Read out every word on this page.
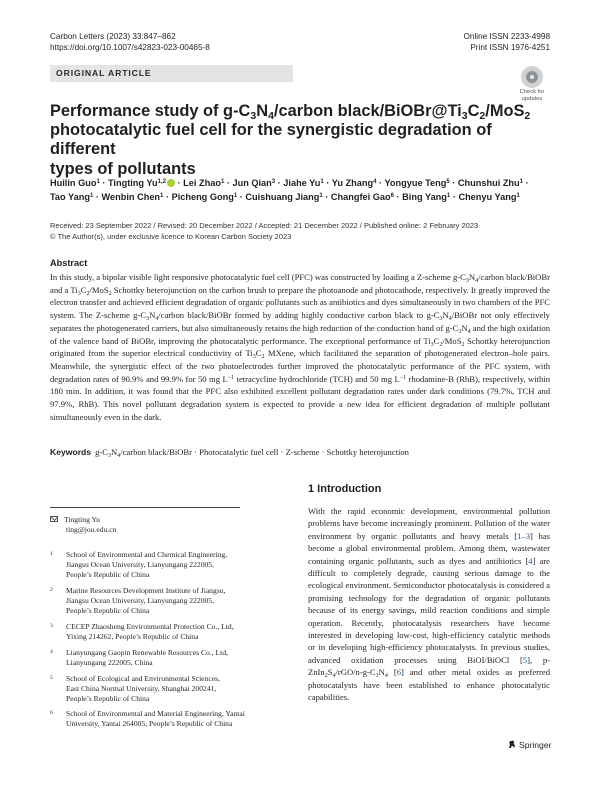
Carbon Letters (2023) 33:847–862
https://doi.org/10.1007/s42823-023-00465-8
Online ISSN 2233-4998
Print ISSN 1976-4251
ORIGINAL ARTICLE
Check for
updates
Performance study of $g-C_3N_4$/carbon black/$BiOBr@Ti_3C_2/MoS_2$
photocatalytic fuel cell for the synergistic degradation of different
types of pollutants
Huilin Guo$^1$ · Tingting Yu$^{1,2}$ · Lei Zhao$^1$ · Jun Qian$^3$ · Jiahe $Yu^1 \cdot Yu$ Zhang$^4$ · Yongyue Teng$^5$ · Chunshui Zhu$^1$ ·
Tao Yang$^1$ · Wenbin Chen$^1$ · Picheng Gong$^1$ · Cuishuang Jiang$^1$ · Changfei Gao$^6$ · Bing Yang$^1$ · Chenyu Yang$^1$
Received: 23 September 2022 / Revised: 20 December 2022 / Accepted: 21 December 2022 / Published online: 2 February 2023
© The Author(s), under exclusive licence to Korean Carbon Society 2023
Abstract
In this study, a bipolar visible light responsive photocatalytic fuel cell (PFC) was constructed by loading a Z-scheme $g-C_3N_4$/carbon black/BiOBr and a $Ti_3C_2/MoS_2$ Schottky heterojunction on the carbon brush to prepare the photoanode and photocathode, respectively. It greatly improved the electron transfer and achieved efficient degradation of organic pollutants such as antibiotics and dyes simultaneously in two chambers of the PFC system. The Z-scheme $g-C_3N_4$/carbon black/BiOBr formed by adding highly conductive carbon black to $g-C_3N_4$/BiOBr not only effectively separates the photogenerated carriers, but also simultaneously retains the high reduction of the conduction band of $g-C_3N_4$ and the high oxidation of the valence band of BiOBr, improving the photocatalytic performance. The exceptional performance of $Ti_3C_2/MoS_2$ Schottky heterojunction originated from the superior electrical conductivity of $Ti_3C_2$ MXene, which facilitated the separation of photogenerated electron–hole pairs. Meanwhile, the synergistic effect of the two photoelectrodes further improved the photocatalytic performance of the PFC system, with degradation rates of 90.9% and 99.9% for 50 mg $L^{-1}$ tetracycline hydrochloride (TCH) and 50 mg $L^{-1}$ rhodamine-B (RhB), respectively, within 180 min. In addition, it was found that the PFC also exhibited excellent pollutant degradation rates under dark conditions (79.7%, TCH and 97.9%, RhB). This novel pollutant degradation system is expected to provide a new idea for efficient degradation of multiple pollutant simultaneously even in the dark.
Keywords $g-C_3N_4$/carbon black/BiOBr · Photocatalytic fuel cell · Z-scheme · Schottky heterojunction
Tingting Yu
ting@jou.edu.cn
1 School of Environmental and Chemical Engineering,
Jiangsu Ocean University, Lianyungang 222005,
People’s Republic of China
2 Marine Resources Development Institute of Jiangsu,
Jiangsu Ocean University, Lianyungang 222005,
People’s Republic of China
3 CECEP Zhaosheng Environmental Protection Co., Ltd,
Yixing 214262, People’s Republic of China
4 Lianyungang Gaopin Renewable Resources Co., Ltd,
Lianyungang 222005, China
5 School of Ecological and Environmental Sciences,
East China Normal University, Shanghai 200241,
People’s Republic of China
6 School of Environmental and Material Engineering, Yantai
University, Yantai 264005, People’s Republic of China
1 Introduction
With the rapid economic development, environmental pollution problems have become increasingly prominent. Pollution of the water environment by organic pollutants and heavy metals [1–3] has become a global environmental problem. Among them, wastewater containing organic pollutants, such as dyes and antibiotics [4] are difficult to completely degrade, causing serious damage to the ecological environment. Semiconductor photocatalysis is considered a promising technology for the degradation of organic pollutants because of its energy savings, mild reaction conditions and simple operation. Recently, photocatalysis researchers have become interested in developing low-cost, high-efficiency catalytic methods or in developing high-efficiency photocatalysts. In previous studies, advanced oxidation processes using BiOI/BiOCl [5], $p-ZnIn_2S_4/rGO/n-g-C_3N_4$ [6] and other metal oxides as preferred photocatalysts have been established to enhance photocatalytic capabilities.
Springer
